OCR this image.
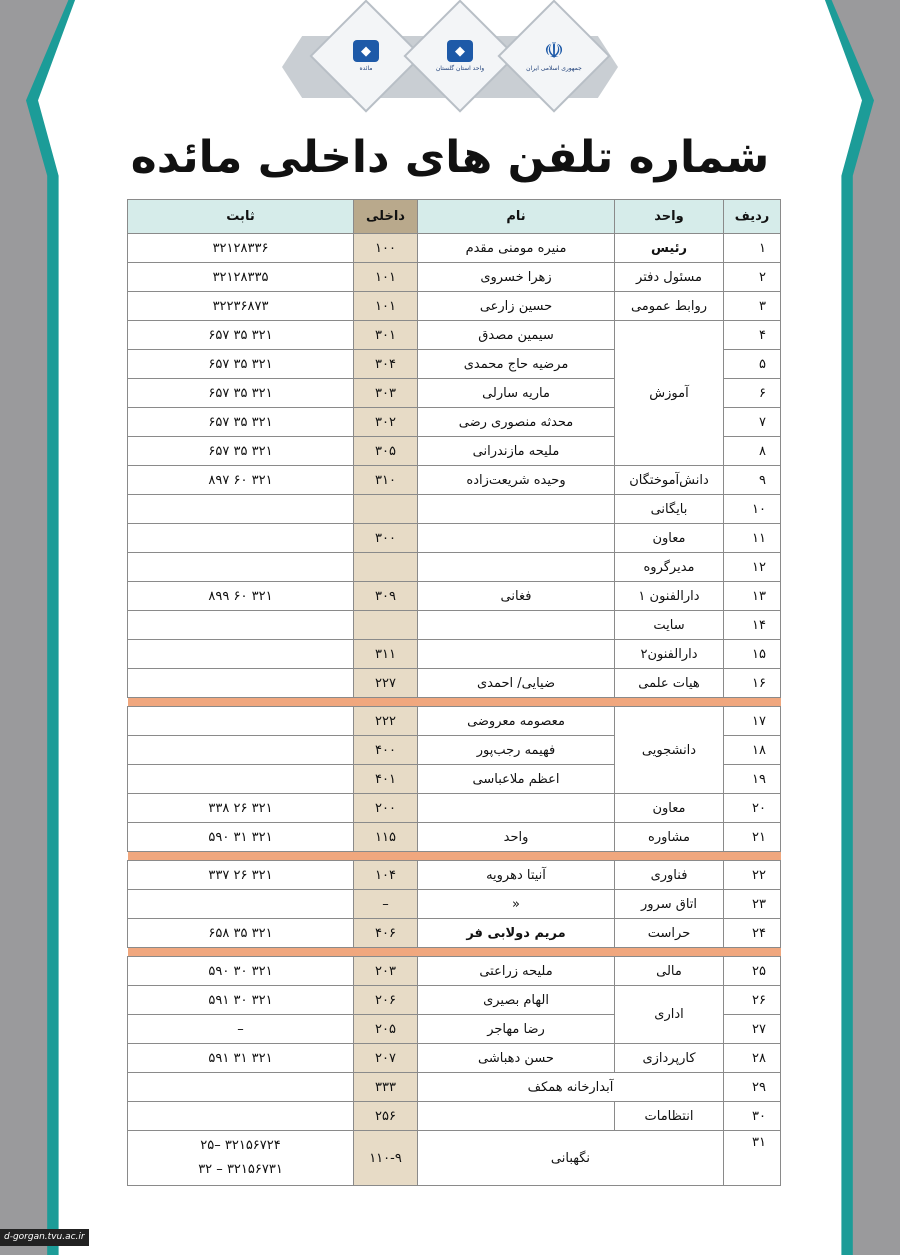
◆
مائده
◆
واحد استان گلستان
☫
جمهوری اسلامی ایران
شماره تلفن های داخلی مائده
ردیف	واحد	نام	داخلی	ثابت
۱	رئیس	منیره مومنی مقدم	۱۰۰	۳۲۱۲۸۳۳۶
۲	مسئول دفتر	زهرا خسروی	۱۰۱	۳۲۱۲۸۳۳۵
۳	روابط عمومی	حسین زارعی	۱۰۱	۳۲۲۳۶۸۷۳
۴	آموزش	سیمین مصدق	۳۰۱	۳۲۱ ۳۵ ۶۵۷
۵		مرضیه حاج محمدی	۳۰۴	۳۲۱ ۳۵ ۶۵۷
۶		ماریه سارلی	۳۰۳	۳۲۱ ۳۵ ۶۵۷
۷		محدثه منصوری رضی	۳۰۲	۳۲۱ ۳۵ ۶۵۷
۸		ملیحه مازندرانی	۳۰۵	۳۲۱ ۳۵ ۶۵۷
۹	دانش‌آموختگان	وحیده شریعت‌زاده	۳۱۰	۳۲۱ ۶۰ ۸۹۷
۱۰	بایگانی			
۱۱	معاون		۳۰۰	
۱۲	مدیرگروه			
۱۳	دارالفنون ۱	فغانی	۳۰۹	۳۲۱ ۶۰ ۸۹۹
۱۴	سایت			
۱۵	دارالفنون۲		۳۱۱	
۱۶	هیات علمی	ضیایی/ احمدی	۲۲۷	

۱۷	دانشجویی	معصومه معروضی	۲۲۲	
۱۸		فهیمه رجب‌پور	۴۰۰	
۱۹		اعظم ملاعباسی	۴۰۱	
۲۰	معاون		۲۰۰	۳۲۱ ۲۶ ۳۳۸
۲۱	مشاوره	واحد	۱۱۵	۳۲۱ ۳۱ ۵۹۰

۲۲	فناوری	آنیتا دهرویه	۱۰۴	۳۲۱ ۲۶ ۳۳۷
۲۳	اتاق سرور	«	–	
۲۴	حراست	مریم دولابی فر	۴۰۶	۳۲۱ ۳۵ ۶۵۸

۲۵	مالی	ملیحه زراعتی	۲۰۳	۳۲۱ ۳۰ ۵۹۰
۲۶	اداری	الهام بصیری	۲۰۶	۳۲۱ ۳۰ ۵۹۱
۲۷		رضا مهاجر	۲۰۵	–
۲۸	کارپردازی	حسن دهباشی	۲۰۷	۳۲۱ ۳۱ ۵۹۱
۲۹	آبدارخانه همکف		۳۳۳	
۳۰	انتظامات		۲۵۶	
۳۱	نگهبانی		۱۱۰-۹	۳۲۱۵۶۷۲۴ –۲۵
۳۲۱۵۶۷۳۱ – ۳۲
d-gorgan.tvu.ac.ir
